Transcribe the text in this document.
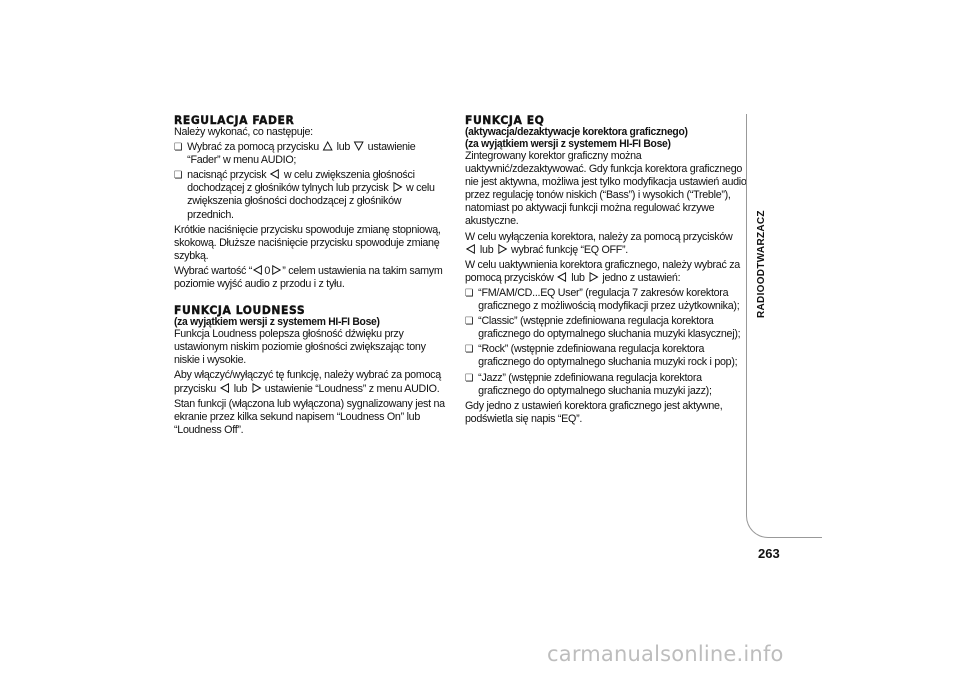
REGULACJA FADER

Należy wykonać, co następuje:

❏ Wybrać za pomocą przycisku lub ustawienie “Fader” w menu AUDIO;

❏ nacisnąć przycisk w celu zwiększenia głośności dochodzącej z głośników tylnych lub przycisk w celu zwiększenia głośności dochodzącej z głośników przednich.

Krótkie naciśnięcie przycisku spowoduje zmianę stopniową, skokową. Dłuższe naciśnięcie przycisku spowoduje zmianę szybką.

Wybrać wartość “ 0 ” celem ustawienia na takim samym poziomie wyjść audio z przodu i z tyłu.

FUNKCJA LOUDNESS

(za wyjątkiem wersji z systemem HI-FI Bose)

Funkcja Loudness polepsza głośność dźwięku przy ustawionym niskim poziomie głośności zwiększając tony niskie i wysokie.

Aby włączyć/wyłączyć tę funkcję, należy wybrać za pomocą przycisku lub ustawienie “Loudness” z menu AUDIO.

Stan funkcji (włączona lub wyłączona) sygnalizowany jest na ekranie przez kilka sekund napisem “Loudness On” lub “Loudness Off”.

FUNKCJA EQ

(aktywacja/dezaktywacje korektora graficznego)

(za wyjątkiem wersji z systemem HI-FI Bose)

Zintegrowany korektor graficzny można uaktywnić/zdezaktywować. Gdy funkcja korektora graficznego nie jest aktywna, możliwa jest tylko modyfikacja ustawień audio przez regulację tonów niskich (“Bass”) i wysokich (“Treble”), natomiast po aktywacji funkcji można regulować krzywe akustyczne.

W celu wyłączenia korektora, należy za pomocą przycisków
lub wybrać funkcję “EQ OFF”.

W celu uaktywnienia korektora graficznego, należy wybrać za pomocą przycisków lub jedno z ustawień:

❏ “FM/AM/CD...EQ User” (regulacja 7 zakresów korektora graficznego z możliwością modyfikacji przez użytkownika);

❏ “Classic” (wstępnie zdefiniowana regulacja korektora graficznego do optymalnego słuchania muzyki klasycznej);

❏ “Rock” (wstępnie zdefiniowana regulacja korektora graficznego do optymalnego słuchania muzyki rock i pop);

❏ “Jazz” (wstępnie zdefiniowana regulacja korektora graficznego do optymalnego słuchania muzyki jazz);

Gdy jedno z ustawień korektora graficznego jest aktywne, podświetla się napis “EQ”.

RADIOODTWARZACZ
263
carmanualsonline.info
